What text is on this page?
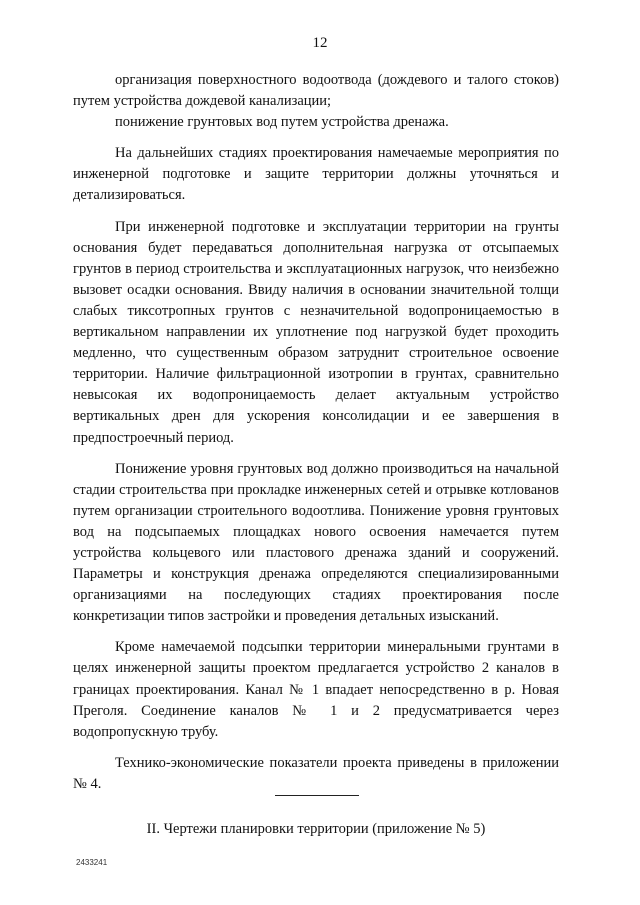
12

организация поверхностного водоотвода (дождевого и талого стоков) путем устройства дождевой канализации;

понижение грунтовых вод путем устройства дренажа.

На дальнейших стадиях проектирования намечаемые мероприятия по инженерной подготовке и защите территории должны уточняться и детализироваться.

При инженерной подготовке и эксплуатации территории на грунты основания будет передаваться дополнительная нагрузка от отсыпаемых грунтов в период строительства и эксплуатационных нагрузок, что неизбежно вызовет осадки основания. Ввиду наличия в основании значительной толщи слабых тиксотропных грунтов с незначительной водопроницаемостью в вертикальном направлении их уплотнение под нагрузкой будет проходить медленно, что существенным образом затруднит строительное освоение территории. Наличие фильтрационной изотропии в грунтах, сравнительно невысокая их водопроницаемость делает актуальным устройство вертикальных дрен для ускорения консолидации и ее завершения в предпостроечный период.

Понижение уровня грунтовых вод должно производиться на начальной стадии строительства при прокладке инженерных сетей и отрывке котлованов путем организации строительного водоотлива. Понижение уровня грунтовых вод на подсыпаемых площадках нового освоения намечается путем устройства кольцевого или пластового дренажа зданий и сооружений. Параметры и конструкция дренажа определяются специализированными организациями на последующих стадиях проектирования после конкретизации типов застройки и проведения детальных изысканий.

Кроме намечаемой подсыпки территории минеральными грунтами в целях инженерной защиты проектом предлагается устройство 2 каналов в границах проектирования. Канал № 1 впадает непосредственно в р. Новая Преголя. Соединение каналов № 1 и 2 предусматривается через водопропускную трубу.

Технико-экономические показатели проекта приведены в приложении № 4.

II. Чертежи планировки территории (приложение № 5)

2433241
